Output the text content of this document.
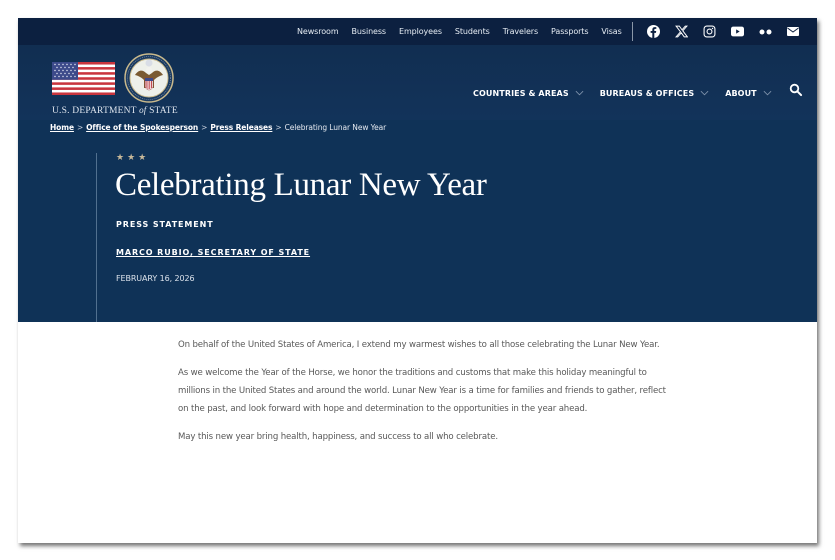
Newsroom Business Employees Students Travelers Passports Visas
U.S. DEPARTMENT of STATE
COUNTRIES & AREAS	BUREAUS & OFFICES	ABOUT
Home > Office of the Spokesperson > Press Releases > Celebrating Lunar New Year
★★★
Celebrating Lunar New Year
PRESS STATEMENT
MARCO RUBIO, SECRETARY OF STATE
FEBRUARY 16, 2026

On behalf of the United States of America, I extend my warmest wishes to all those celebrating the Lunar New Year.

As we welcome the Year of the Horse, we honor the traditions and customs that make this holiday meaningful to millions in the United States and around the world. Lunar New Year is a time for families and friends to gather, reflect on the past, and look forward with hope and determination to the opportunities in the year ahead.

May this new year bring health, happiness, and success to all who celebrate.
